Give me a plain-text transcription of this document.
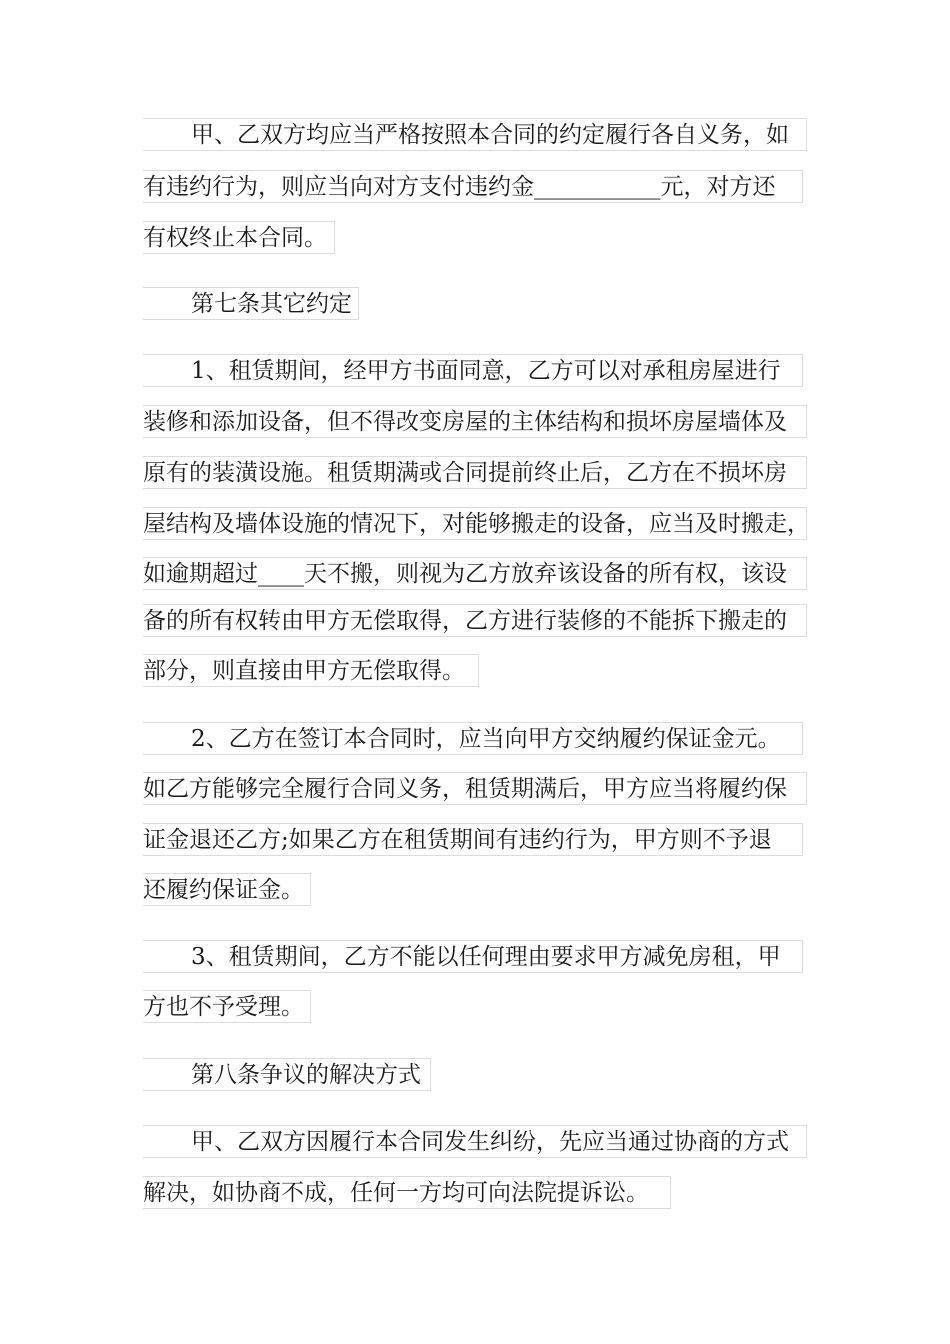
甲、乙双方均应当严格按照本合同的约定履行各自义务，如
有违约行为，则应当向对方支付违约金___________元，对方还
有权终止本合同。
第七条其它约定
1、租赁期间，经甲方书面同意，乙方可以对承租房屋进行
装修和添加设备，但不得改变房屋的主体结构和损坏房屋墙体及
原有的装潢设施。租赁期满或合同提前终止后，乙方在不损坏房
屋结构及墙体设施的情况下，对能够搬走的设备，应当及时搬走，
如逾期超过____天不搬，则视为乙方放弃该设备的所有权，该设
备的所有权转由甲方无偿取得，乙方进行装修的不能拆下搬走的
部分，则直接由甲方无偿取得。
2、乙方在签订本合同时，应当向甲方交纳履约保证金元。
如乙方能够完全履行合同义务，租赁期满后，甲方应当将履约保
证金退还乙方;如果乙方在租赁期间有违约行为，甲方则不予退
还履约保证金。
3、租赁期间，乙方不能以任何理由要求甲方减免房租，甲
方也不予受理。
第八条争议的解决方式
甲、乙双方因履行本合同发生纠纷，先应当通过协商的方式
解决，如协商不成，任何一方均可向法院提诉讼。
